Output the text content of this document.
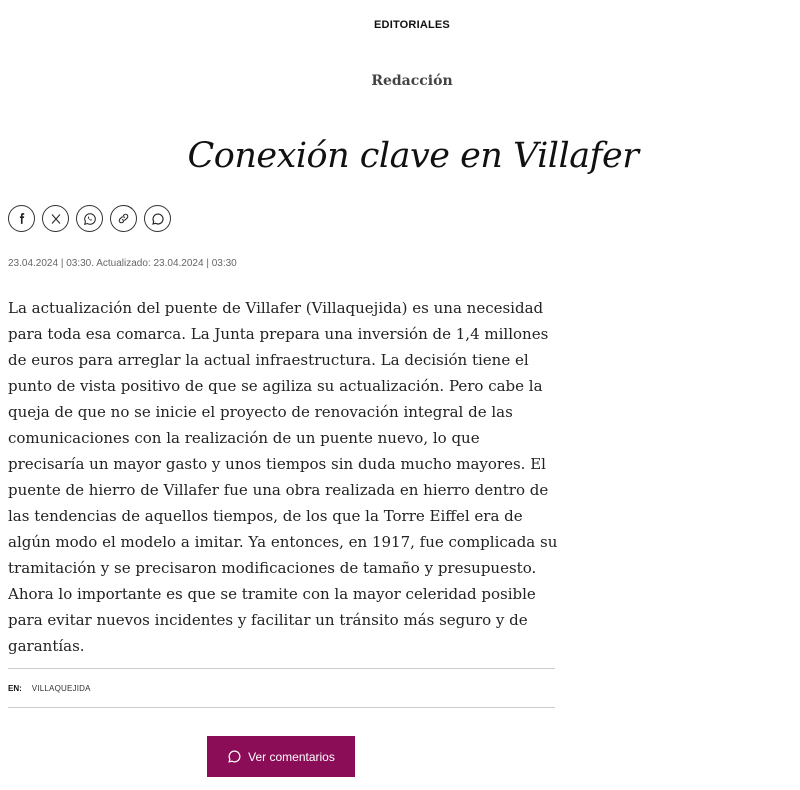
EDITORIALES
Redacción
Conexión clave en Villafer
23.04.2024 | 03:30. Actualizado: 23.04.2024 | 03:30

La actualización del puente de Villafer (Villaquejida) es una necesidad para toda esa comarca. La Junta prepara una inversión de 1,4 millones de euros para arreglar la actual infraestructura. La decisión tiene el punto de vista positivo de que se agiliza su actualización. Pero cabe la queja de que no se inicie el proyecto de renovación integral de las comunicaciones con la realización de un puente nuevo, lo que precisaría un mayor gasto y unos tiempos sin duda mucho mayores. El puente de hierro de Villafer fue una obra realizada en hierro dentro de las tendencias de aquellos tiempos, de los que la Torre Eiffel era de algún modo el modelo a imitar. Ya entonces, en 1917, fue complicada su tramitación y se precisaron modificaciones de tamaño y presupuesto. Ahora lo importante es que se tramite con la mayor celeridad posible para evitar nuevos incidentes y facilitar un tránsito más seguro y de garantías.

EN: VILLAQUEJIDA
Ver comentarios
